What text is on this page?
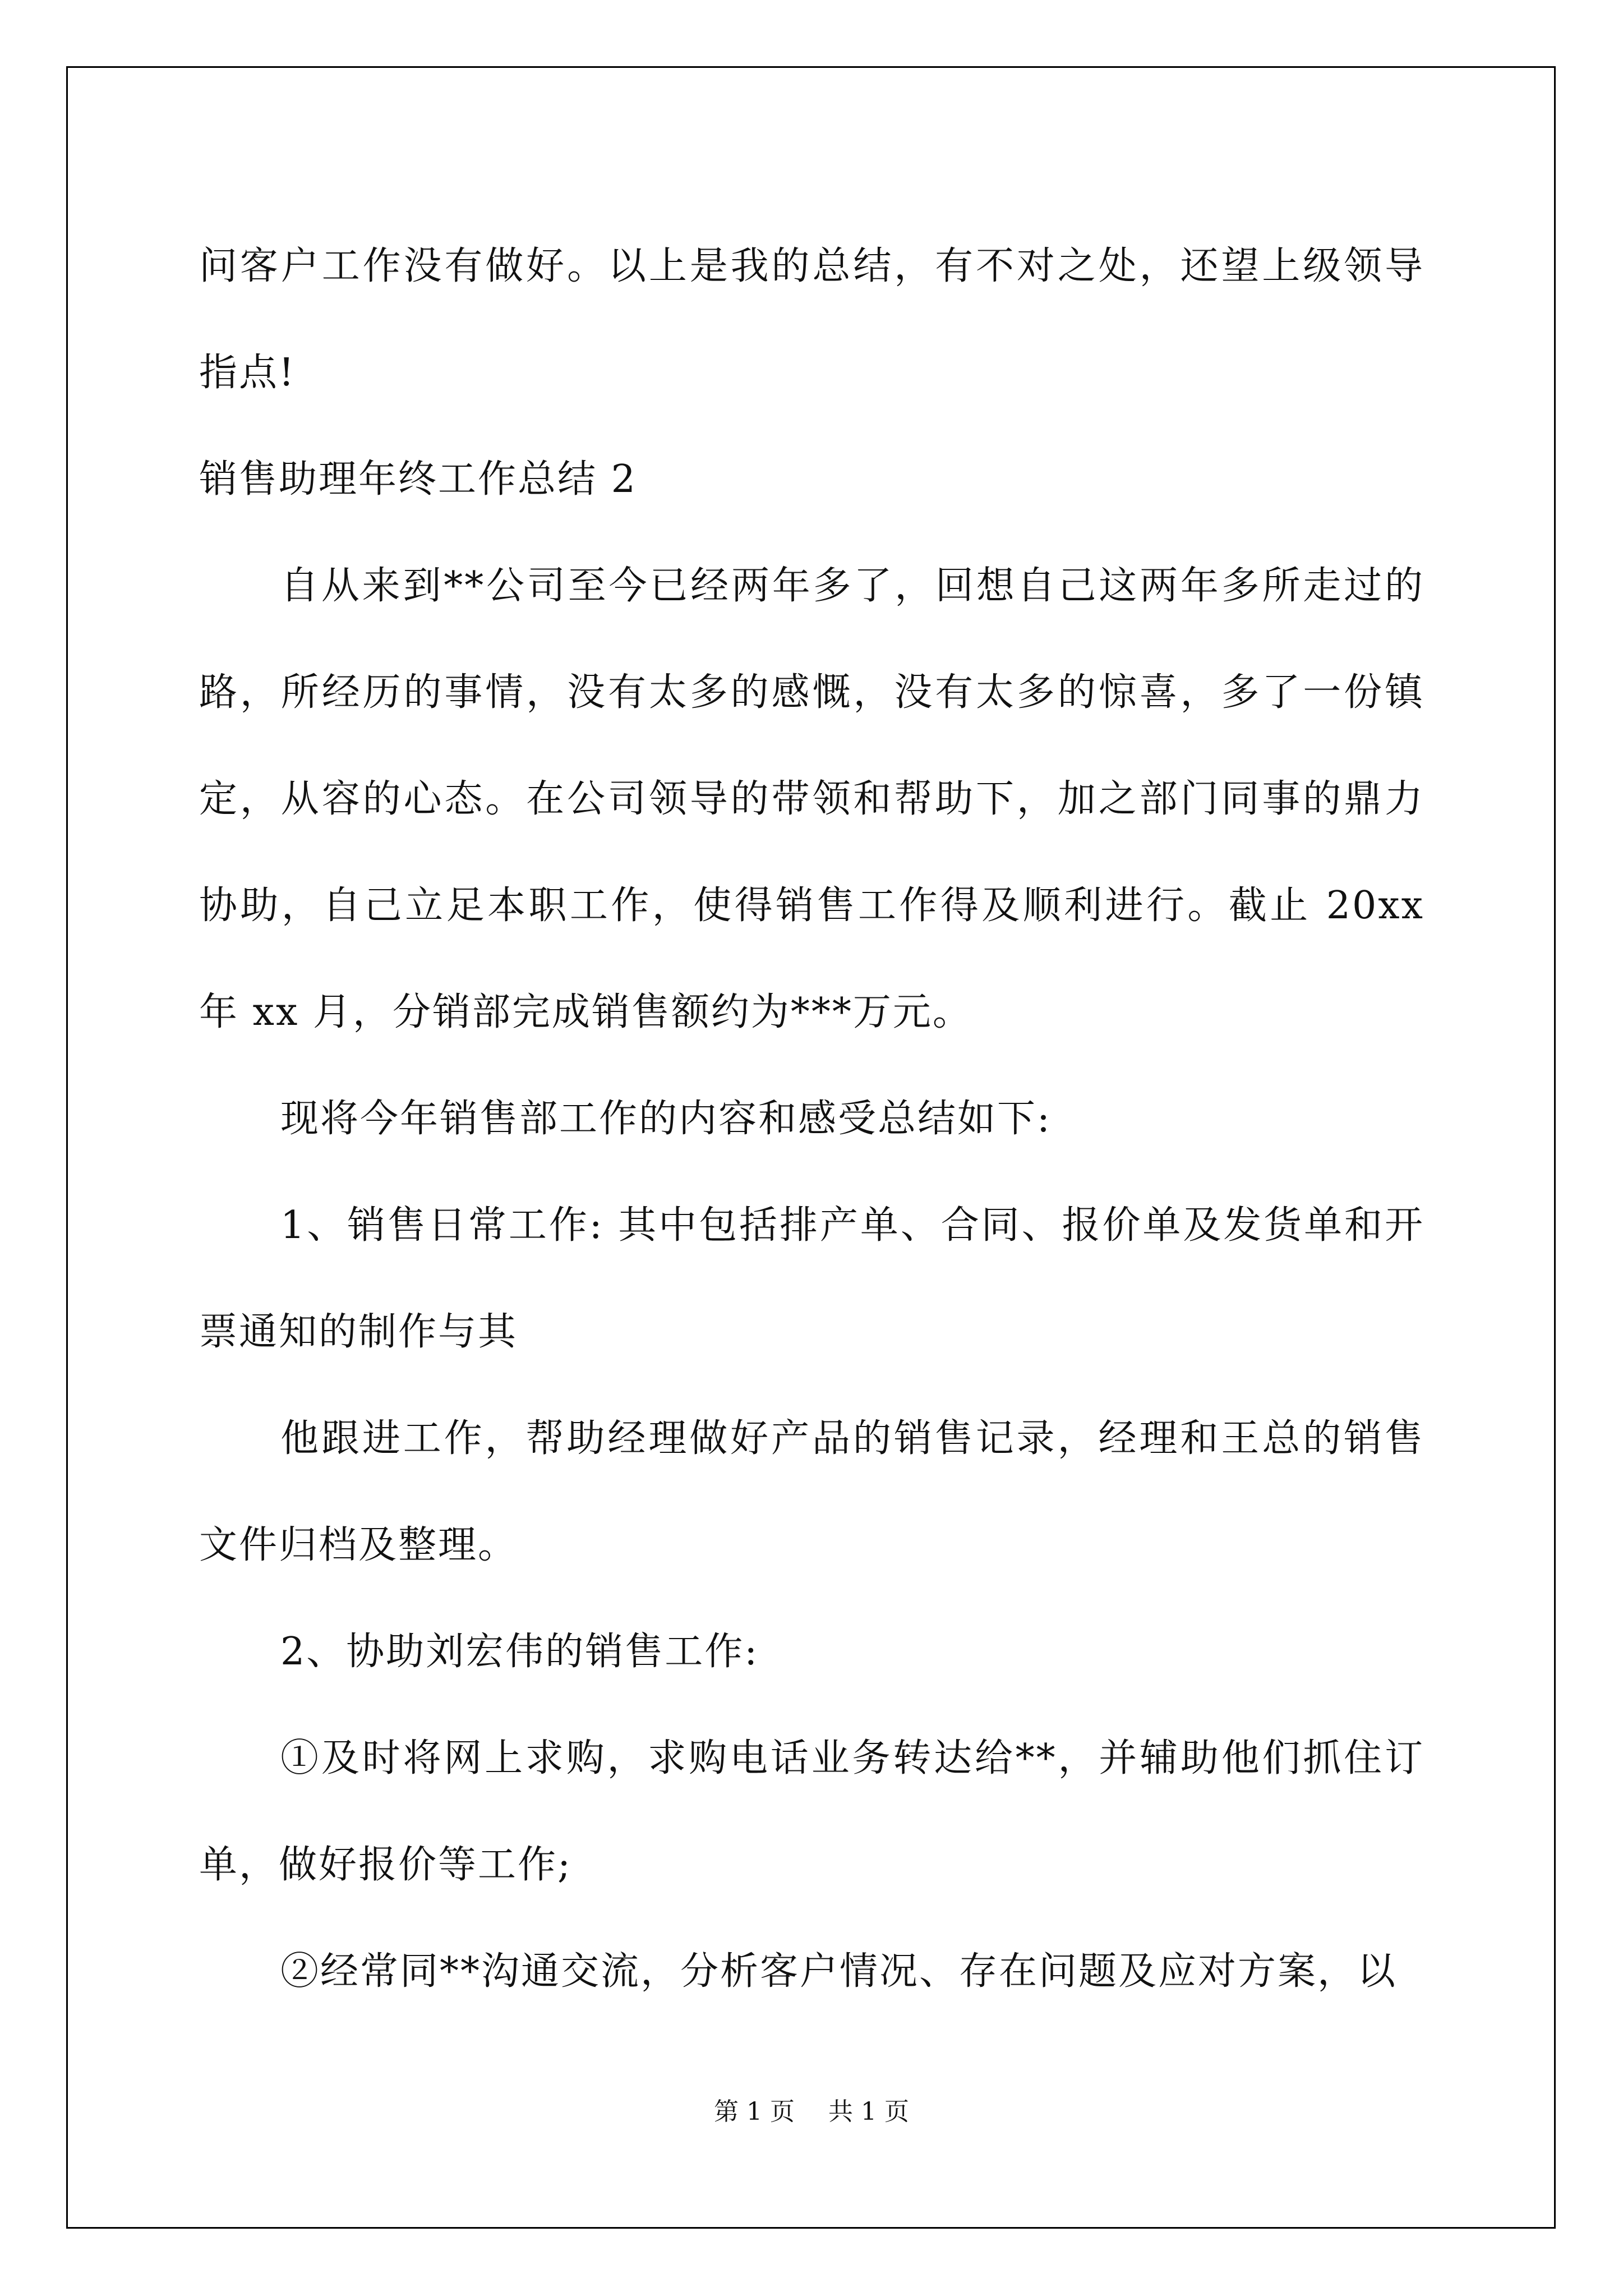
问客户工作没有做好。以上是我的总结，有不对之处，还望上级领导指点!

销售助理年终工作总结 2

自从来到**公司至今已经两年多了，回想自己这两年多所走过的路，所经历的事情，没有太多的感慨，没有太多的惊喜，多了一份镇定，从容的心态。在公司领导的带领和帮助下，加之部门同事的鼎力协助，自己立足本职工作，使得销售工作得及顺利进行。截止 20xx 年 xx 月，分销部完成销售额约为***万元。

现将今年销售部工作的内容和感受总结如下:

1、销售日常工作: 其中包括排产单、合同、报价单及发货单和开票通知的制作与其

他跟进工作，帮助经理做好产品的销售记录，经理和王总的销售文件归档及整理。

2、协助刘宏伟的销售工作:

①及时将网上求购，求购电话业务转达给**，并辅助他们抓住订单，做好报价等工作;

②经常同**沟通交流，分析客户情况、存在问题及应对方案，以

第 1 页 共 1 页
